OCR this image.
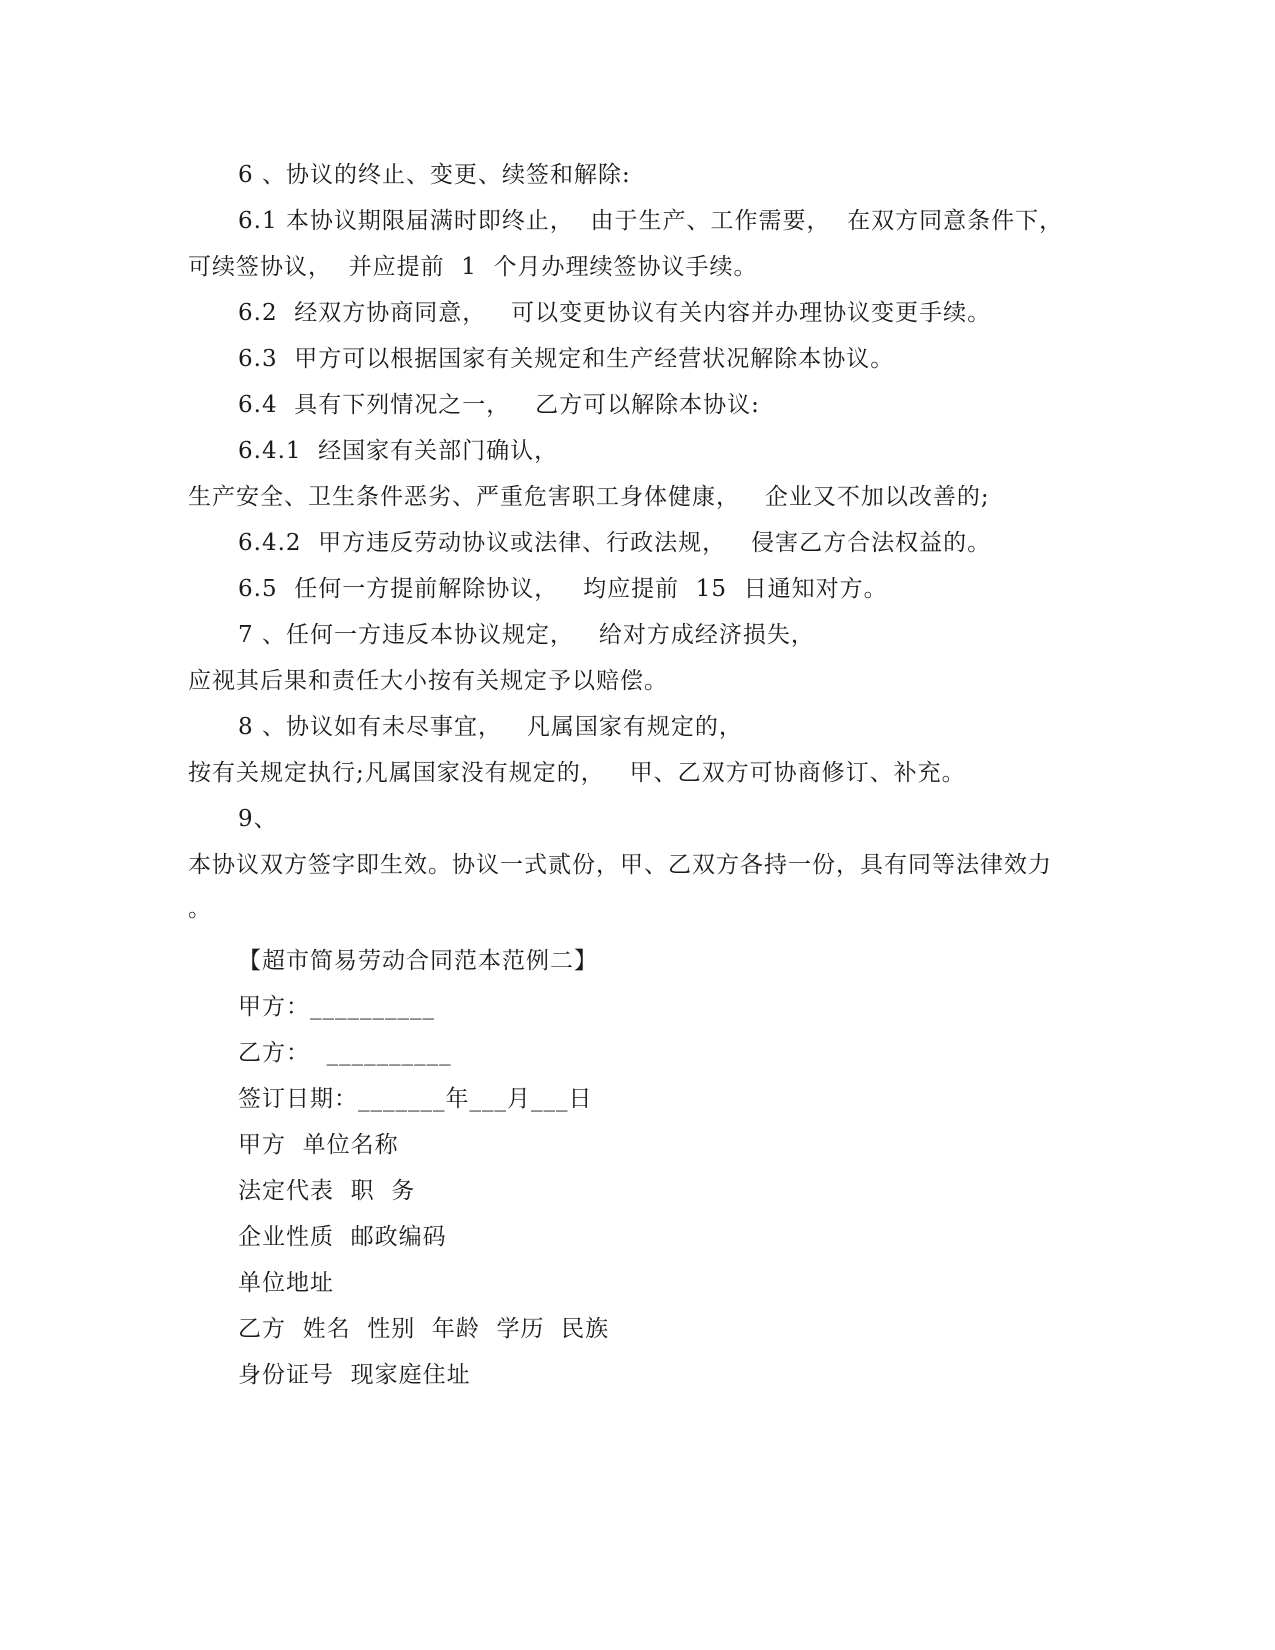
6 、协议的终止、变更、续签和解除:
6.1 本协议期限届满时即终止，  由于生产、工作需要，  在双方同意条件下，
可续签协议，  并应提前  1  个月办理续签协议手续。
6.2  经双方协商同意，   可以变更协议有关内容并办理协议变更手续。
6.3  甲方可以根据国家有关规定和生产经营状况解除本协议。
6.4  具有下列情况之一，   乙方可以解除本协议:
6.4.1  经国家有关部门确认，
生产安全、卫生条件恶劣、严重危害职工身体健康，   企业又不加以改善的;
6.4.2  甲方违反劳动协议或法律、行政法规，   侵害乙方合法权益的。
6.5  任何一方提前解除协议，   均应提前  15  日通知对方。
7 、任何一方违反本协议规定，   给对方成经济损失，
应视其后果和责任大小按有关规定予以赔偿。
8 、协议如有未尽事宜，   凡属国家有规定的，
按有关规定执行;凡属国家没有规定的，   甲、乙双方可协商修订、补充。
9、
本协议双方签字即生效。协议一式贰份，甲、乙双方各持一份，具有同等法律效力
。
【超市简易劳动合同范本范例二】
甲方：__________
乙方：  __________
签订日期：_______年___月___日
甲方  单位名称
法定代表  职  务
企业性质  邮政编码
单位地址
乙方  姓名  性别  年龄  学历  民族
身份证号  现家庭住址
